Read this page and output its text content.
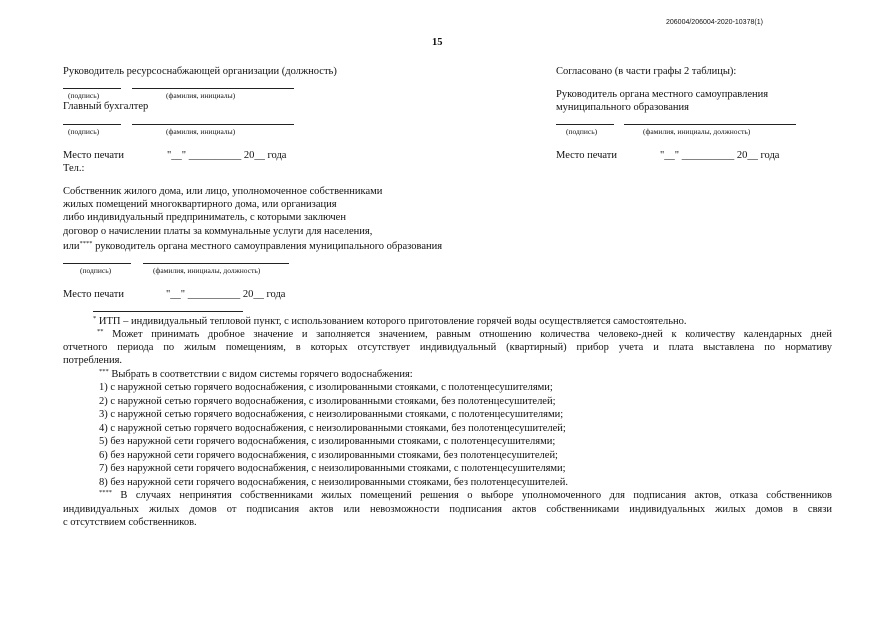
206004/206004-2020-10378(1)
15
Руководитель ресурсоснабжающей организации (должность)
(подпись)	(фамилия, инициалы)
Главный бухгалтер
(подпись)	(фамилия, инициалы)
Место печати	"__" __________ 20__ года
Тел.:
Собственник жилого дома, или лицо, уполномоченное собственниками
жилых помещений многоквартирного дома, или организация
либо индивидуальный предприниматель, с которыми заключен
договор о начислении платы за коммунальные услуги для населения,
или**** руководитель органа местного самоуправления муниципального образования
(подпись)	(фамилия, инициалы, должность)
Место печати	"__" __________ 20__ года
Согласовано (в части графы 2 таблицы):
Руководитель органа местного самоуправления
муниципального образования
(подпись)	(фамилия, инициалы, должность)
Место печати	"__" __________ 20__ года
* ИТП – индивидуальный тепловой пункт, с использованием которого приготовление горячей воды осуществляется самостоятельно.
** Может принимать дробное значение и заполняется значением, равным отношению количества человеко-дней к количеству календарных дней
отчетного периода по жилым помещениям, в которых отсутствует индивидуальный (квартирный) прибор учета и плата выставлена по нормативу
потребления.
*** Выбрать в соответствии с видом системы горячего водоснабжения:
1) с наружной сетью горячего водоснабжения, с изолированными стояками, с полотенцесушителями;
2) с наружной сетью горячего водоснабжения, с изолированными стояками, без полотенцесушителей;
3) с наружной сетью горячего водоснабжения, с неизолированными стояками, с полотенцесушителями;
4) с наружной сетью горячего водоснабжения, с неизолированными стояками, без полотенцесушителей;
5) без наружной сети горячего водоснабжения, с изолированными стояками, с полотенцесушителями;
6) без наружной сети горячего водоснабжения, с изолированными стояками, без полотенцесушителей;
7) без наружной сети горячего водоснабжения, с неизолированными стояками, с полотенцесушителями;
8) без наружной сети горячего водоснабжения, с неизолированными стояками, без полотенцесушителей.
**** В случаях непринятия собственниками жилых помещений решения о выборе уполномоченного для подписания актов, отказа собственников
индивидуальных жилых домов от подписания актов или невозможности подписания актов собственниками индивидуальных жилых домов в связи
с отсутствием собственников.
